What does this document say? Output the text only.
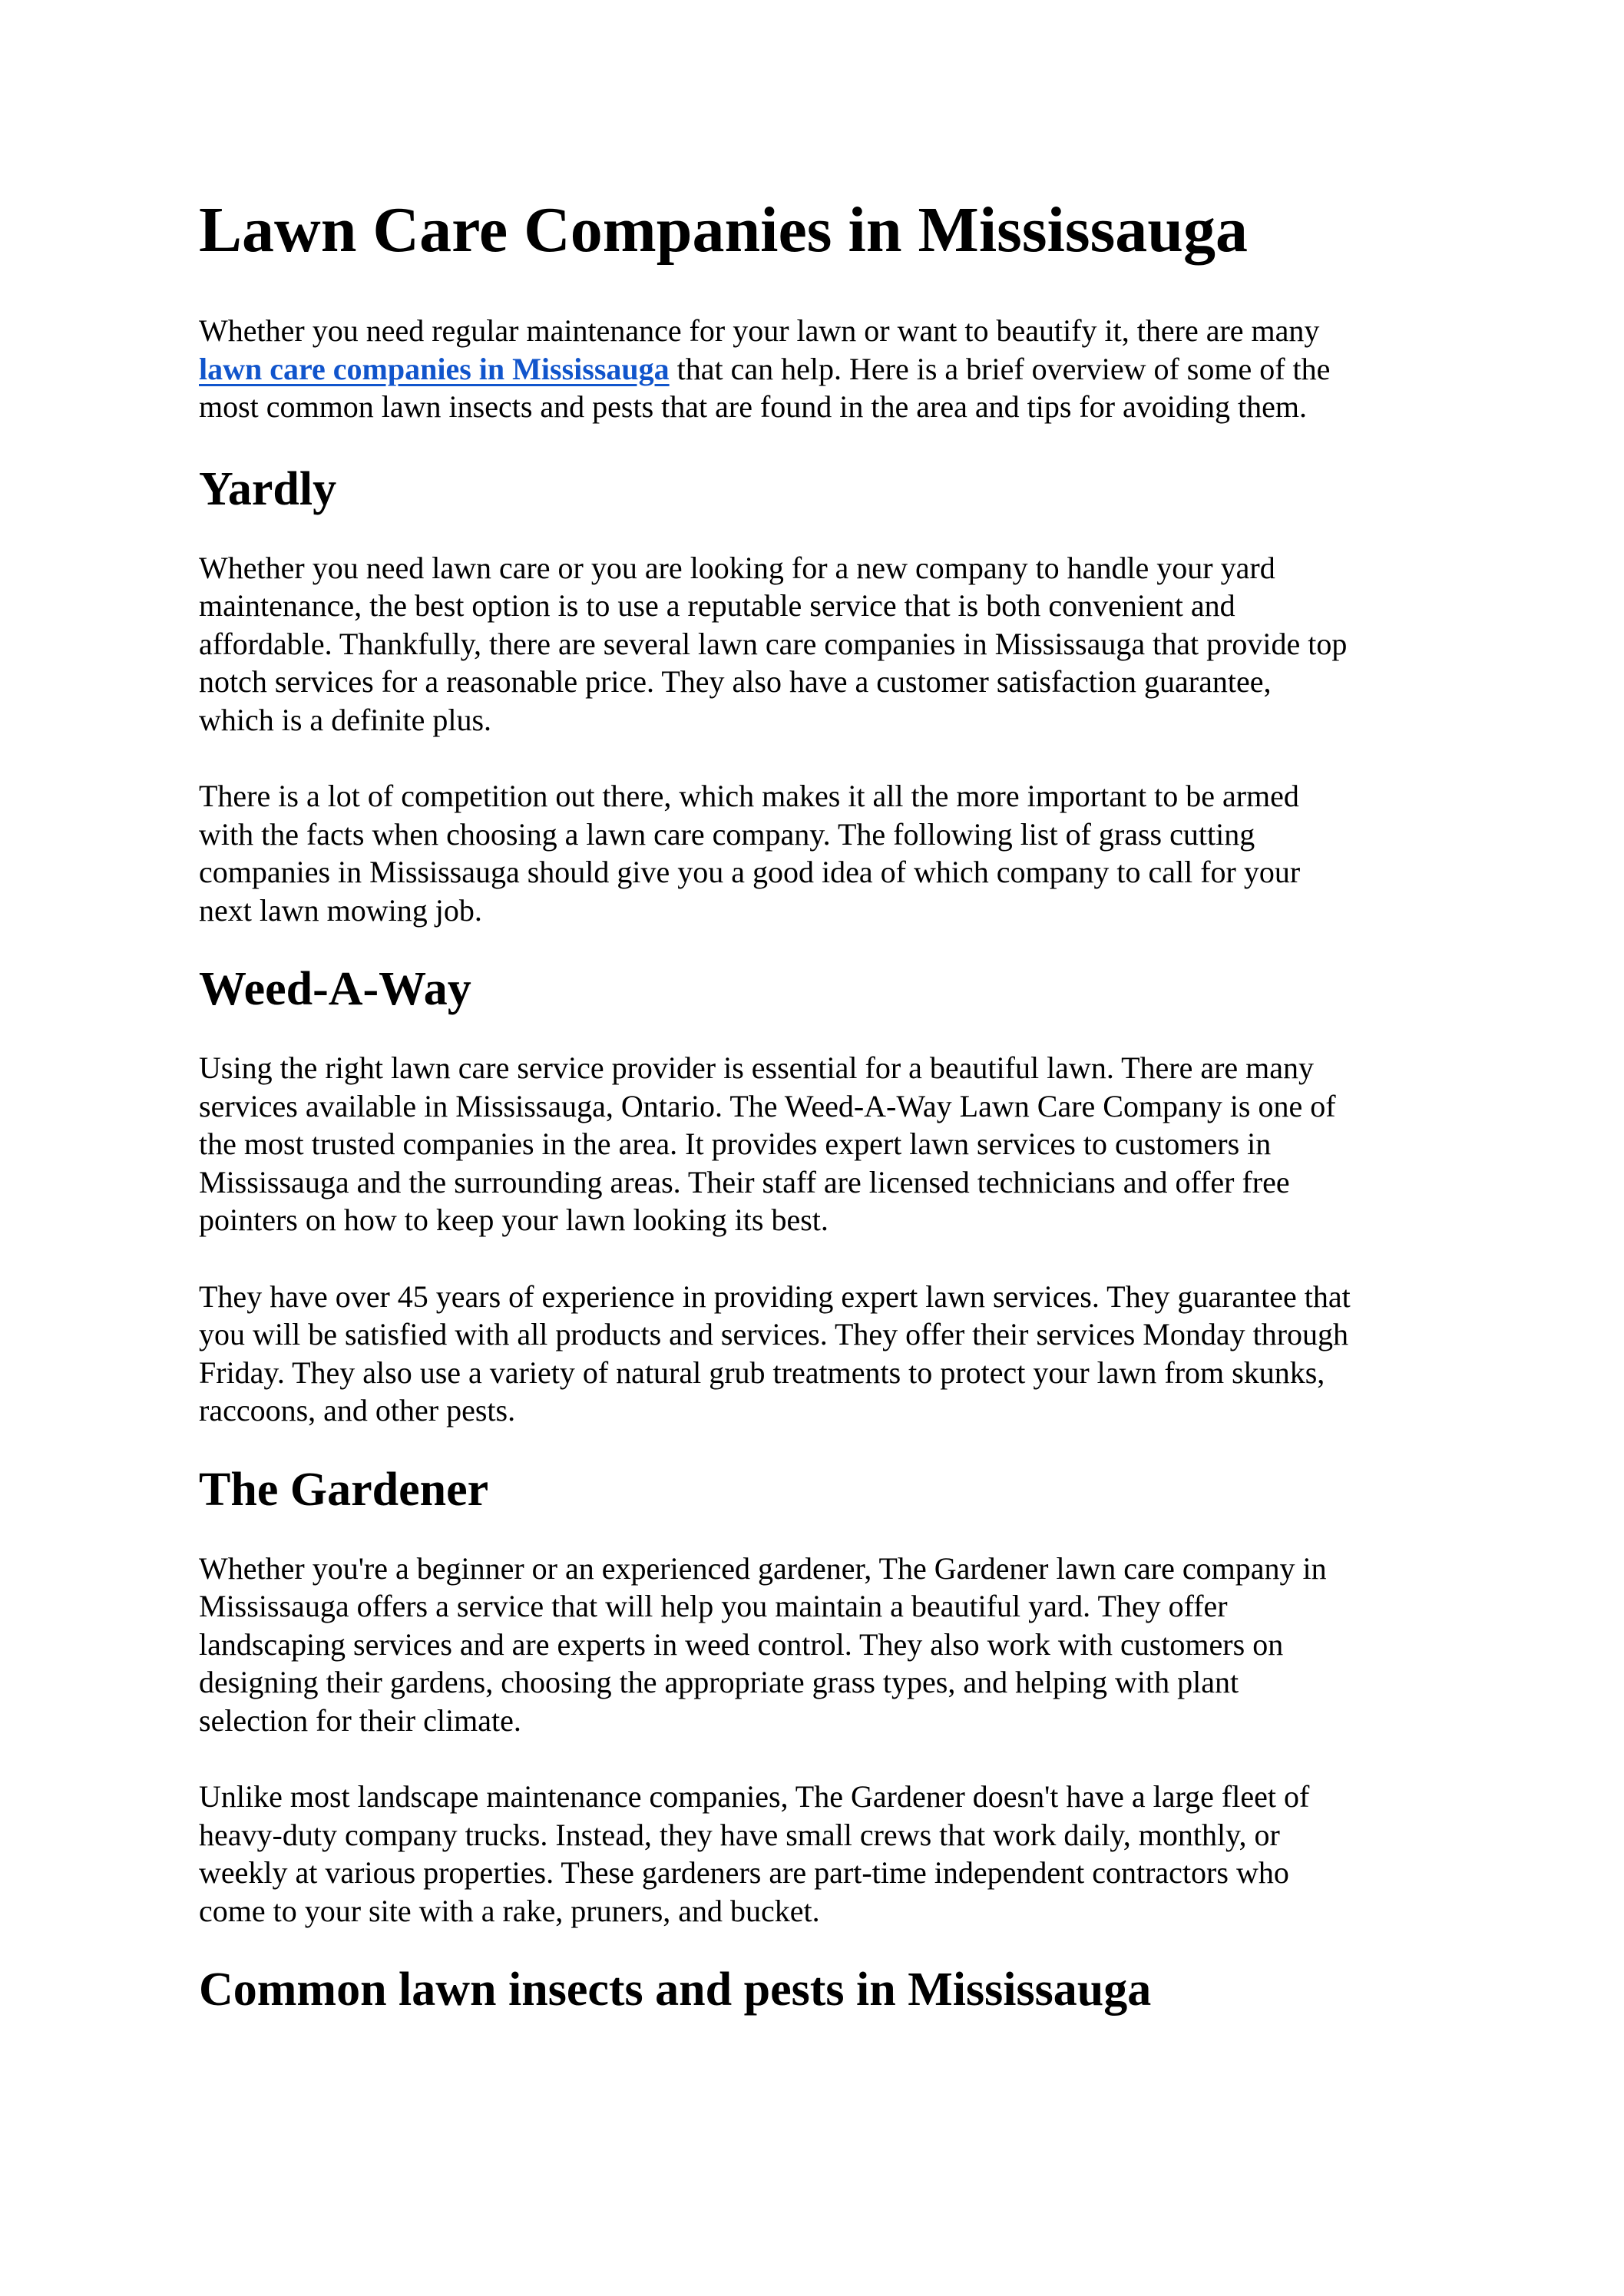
Lawn Care Companies in Mississauga

Whether you need regular maintenance for your lawn or want to beautify it, there are many
lawn care companies in Mississauga that can help. Here is a brief overview of some of the
most common lawn insects and pests that are found in the area and tips for avoiding them.

Yardly

Whether you need lawn care or you are looking for a new company to handle your yard
maintenance, the best option is to use a reputable service that is both convenient and
affordable. Thankfully, there are several lawn care companies in Mississauga that provide top
notch services for a reasonable price. They also have a customer satisfaction guarantee,
which is a definite plus.

There is a lot of competition out there, which makes it all the more important to be armed
with the facts when choosing a lawn care company. The following list of grass cutting
companies in Mississauga should give you a good idea of which company to call for your
next lawn mowing job.

Weed-A-Way

Using the right lawn care service provider is essential for a beautiful lawn. There are many
services available in Mississauga, Ontario. The Weed-A-Way Lawn Care Company is one of
the most trusted companies in the area. It provides expert lawn services to customers in
Mississauga and the surrounding areas. Their staff are licensed technicians and offer free
pointers on how to keep your lawn looking its best.

They have over 45 years of experience in providing expert lawn services. They guarantee that
you will be satisfied with all products and services. They offer their services Monday through
Friday. They also use a variety of natural grub treatments to protect your lawn from skunks,
raccoons, and other pests.

The Gardener

Whether you're a beginner or an experienced gardener, The Gardener lawn care company in
Mississauga offers a service that will help you maintain a beautiful yard. They offer
landscaping services and are experts in weed control. They also work with customers on
designing their gardens, choosing the appropriate grass types, and helping with plant
selection for their climate.

Unlike most landscape maintenance companies, The Gardener doesn't have a large fleet of
heavy-duty company trucks. Instead, they have small crews that work daily, monthly, or
weekly at various properties. These gardeners are part-time independent contractors who
come to your site with a rake, pruners, and bucket.

Common lawn insects and pests in Mississauga
